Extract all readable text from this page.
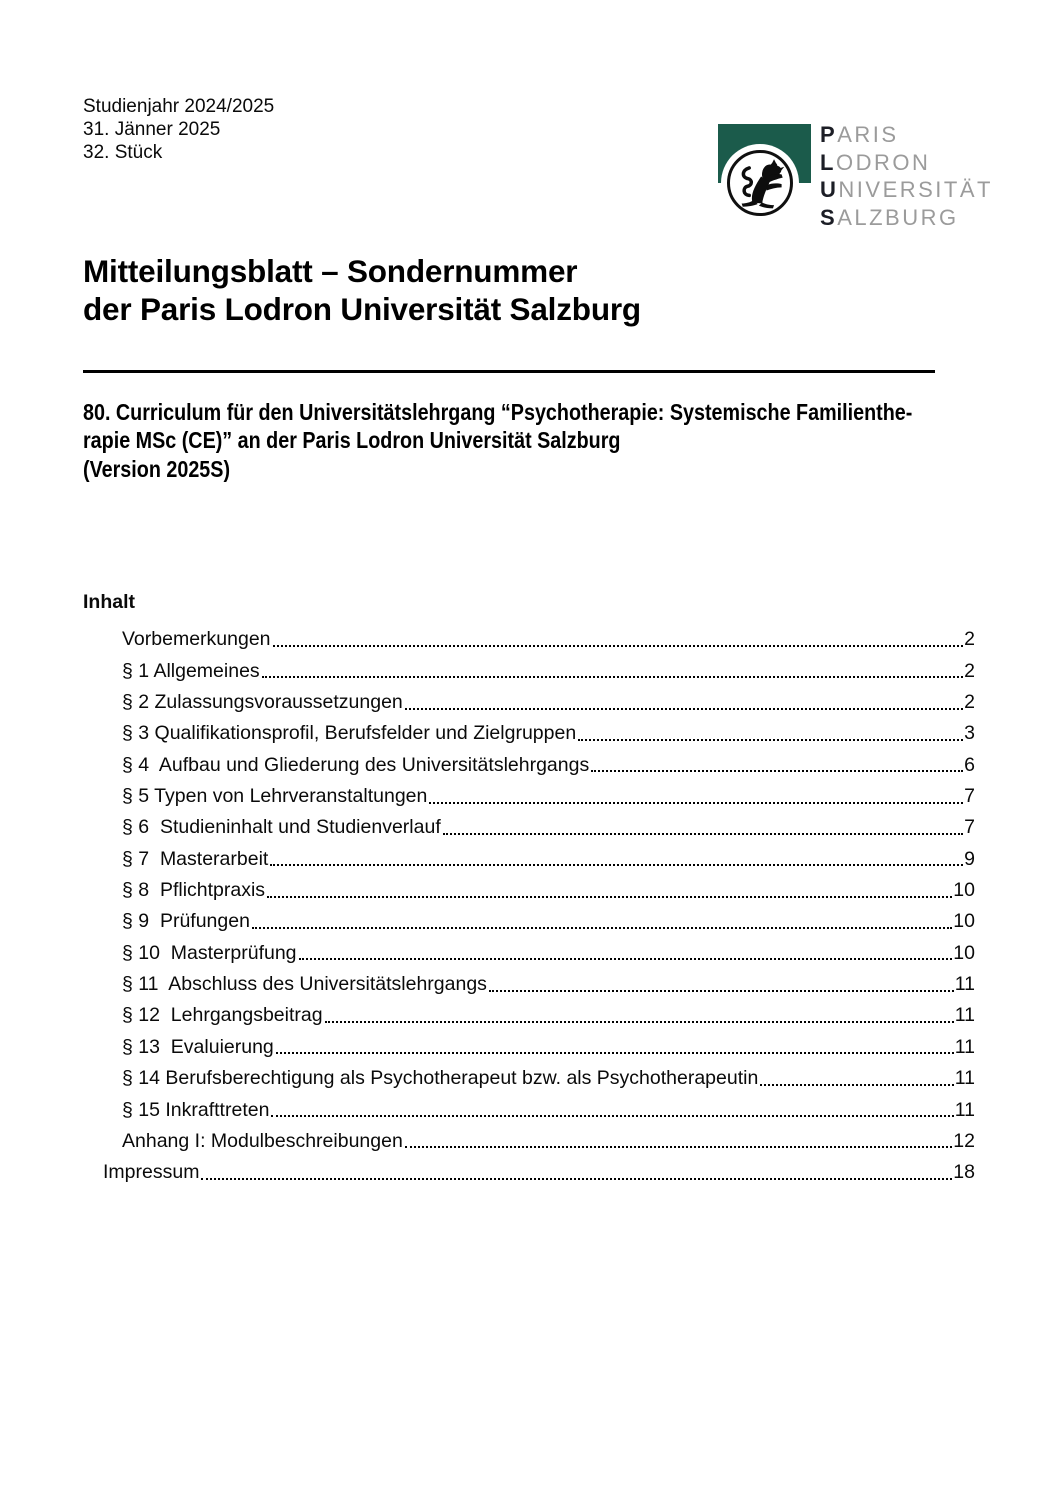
Studienjahr 2024/2025
31. Jänner 2025
32. Stück
PARIS
LODRON
UNIVERSITÄT
SALZBURG
Mitteilungsblatt – Sondernummer
der Paris Lodron Universität Salzburg
80. Curriculum für den Universitätslehrgang “Psychotherapie: Systemische Familienthe-
rapie MSc (CE)” an der Paris Lodron Universität Salzburg
(Version 2025S)
Inhalt
Vorbemerkungen	2
§ 1 Allgemeines	2
§ 2 Zulassungsvoraussetzungen	2
§ 3 Qualifikationsprofil, Berufsfelder und Zielgruppen	3
§ 4  Aufbau und Gliederung des Universitätslehrgangs	6
§ 5 Typen von Lehrveranstaltungen	7
§ 6  Studieninhalt und Studienverlauf	7
§ 7  Masterarbeit	9
§ 8  Pflichtpraxis	10
§ 9  Prüfungen	10
§ 10  Masterprüfung	10
§ 11  Abschluss des Universitätslehrgangs	11
§ 12  Lehrgangsbeitrag	11
§ 13  Evaluierung	11
§ 14 Berufsberechtigung als Psychotherapeut bzw. als Psychotherapeutin	11
§ 15 Inkrafttreten	11
Anhang I: Modulbeschreibungen	12
Impressum	18
